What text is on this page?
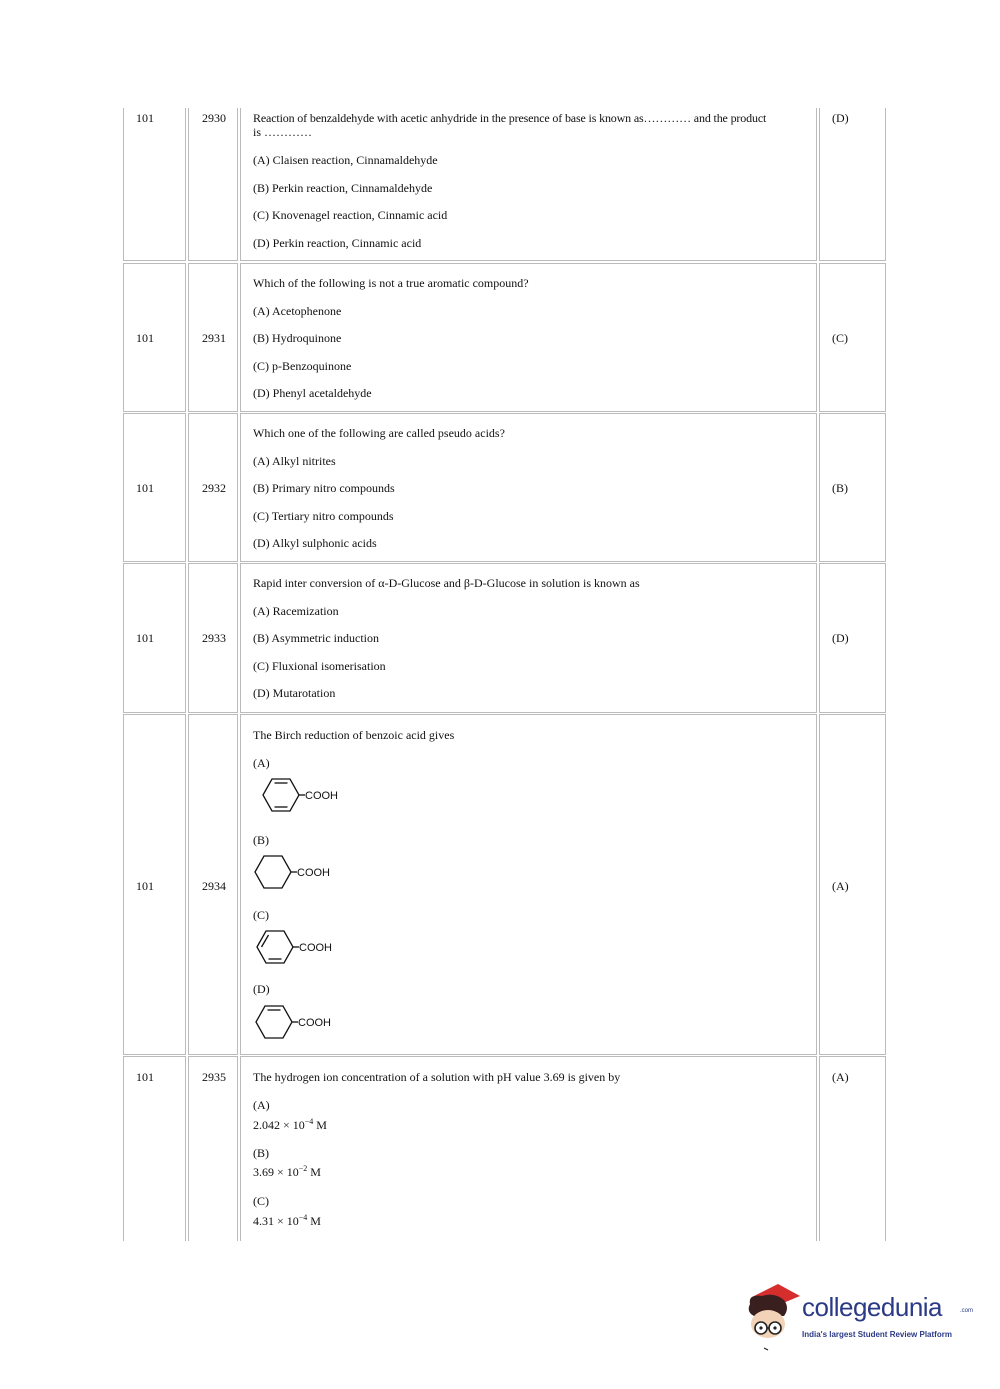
101	2930 Reaction of benzaldehyde with acetic anhydride in the presence of base is known as………… and the product
is …………
(A) Claisen reaction, Cinnamaldehyde
(B) Perkin reaction, Cinnamaldehyde
(C) Knovenagel reaction, Cinnamic acid
(D) Perkin reaction, Cinnamic acid
(D)
101	2931
Which of the following is not a true aromatic compound?
(A) Acetophenone
(B) Hydroquinone
(C) p-Benzoquinone
(D) Phenyl acetaldehyde
(C)
101	2932
Which one of the following are called pseudo acids?
(A) Alkyl nitrites
(B) Primary nitro compounds
(C) Tertiary nitro compounds
(D) Alkyl sulphonic acids
(B)
101	2933
Rapid inter conversion of α-D-Glucose and β-D-Glucose in solution is known as
(A) Racemization
(B) Asymmetric induction
(C) Fluxional isomerisation
(D) Mutarotation
(D)
101	2934
The Birch reduction of benzoic acid gives
(A)
COOH
(B)
COOH
(C)
COOH
(D)
COOH
(A)
101	2935 The hydrogen ion concentration of a solution with pH value 3.69 is given by
(A)
$2.042 \times 10^{-4}$ M
(B)
$3.69 \times 10^{-2}$ M
(C)
$4.31 \times 10^{-4}$ M
(A)
collegedunia	.com
India's largest Student Review Platform
